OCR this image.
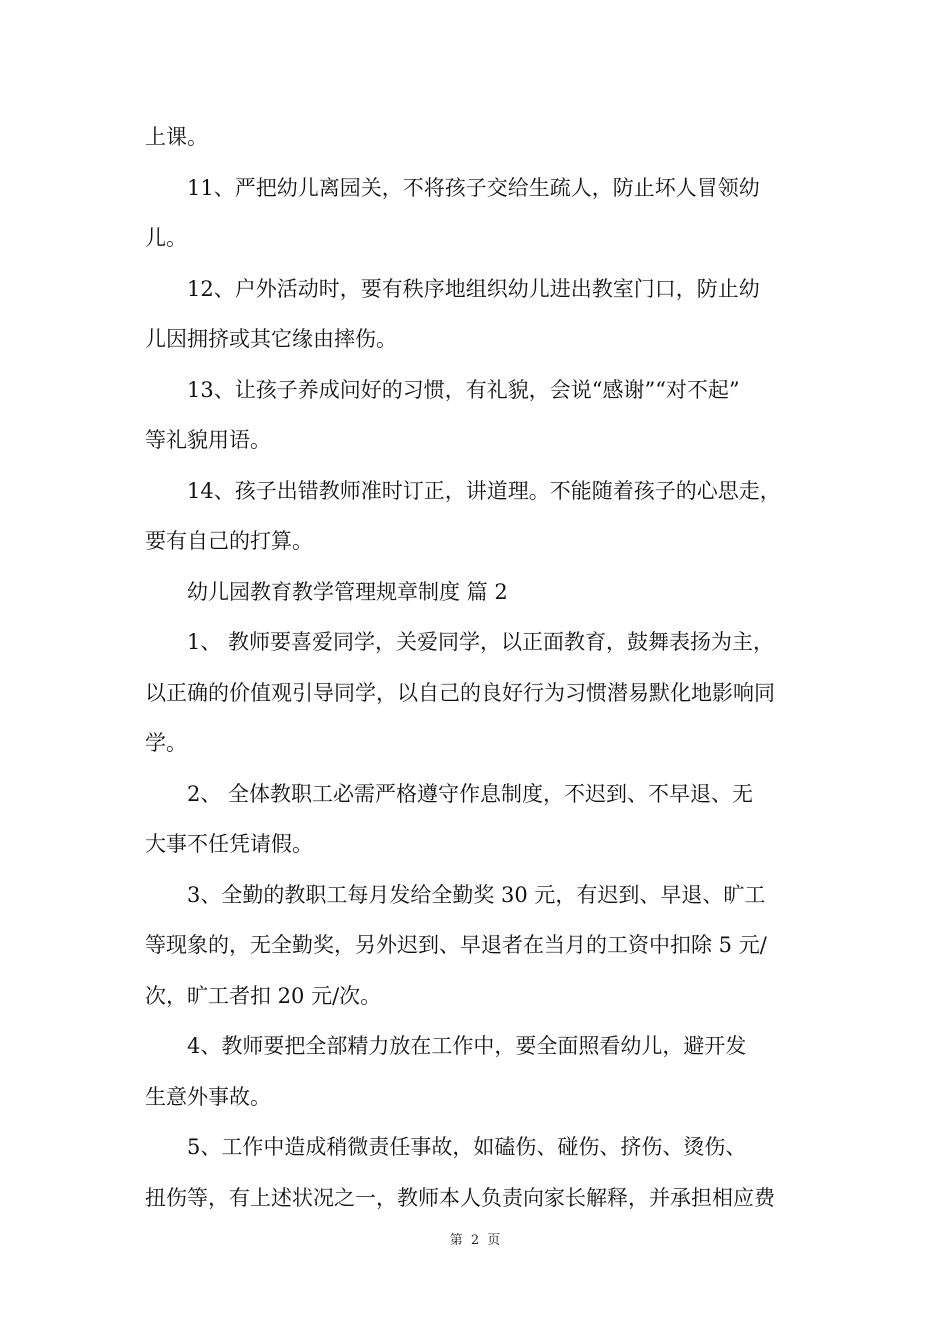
上课。
11、严把幼儿离园关，不将孩子交给生疏人，防止坏人冒领幼
儿。
12、户外活动时，要有秩序地组织幼儿进出教室门口，防止幼
儿因拥挤或其它缘由摔伤。
13、让孩子养成问好的习惯，有礼貌，会说“感谢”“对不起”
等礼貌用语。
14、孩子出错教师准时订正，讲道理。不能随着孩子的心思走，
要有自己的打算。
幼儿园教育教学管理规章制度 篇 2
1、 教师要喜爱同学，关爱同学，以正面教育，鼓舞表扬为主，
以正确的价值观引导同学，以自己的良好行为习惯潜易默化地影响同
学。
2、 全体教职工必需严格遵守作息制度，不迟到、不早退、无
大事不任凭请假。
3、全勤的教职工每月发给全勤奖 30 元，有迟到、早退、旷工
等现象的，无全勤奖，另外迟到、早退者在当月的工资中扣除 5 元/
次，旷工者扣 20 元/次。
4、教师要把全部精力放在工作中，要全面照看幼儿，避开发
生意外事故。
5、工作中造成稍微责任事故，如磕伤、碰伤、挤伤、烫伤、
扭伤等，有上述状况之一，教师本人负责向家长解释，并承担相应费
第 2 页
